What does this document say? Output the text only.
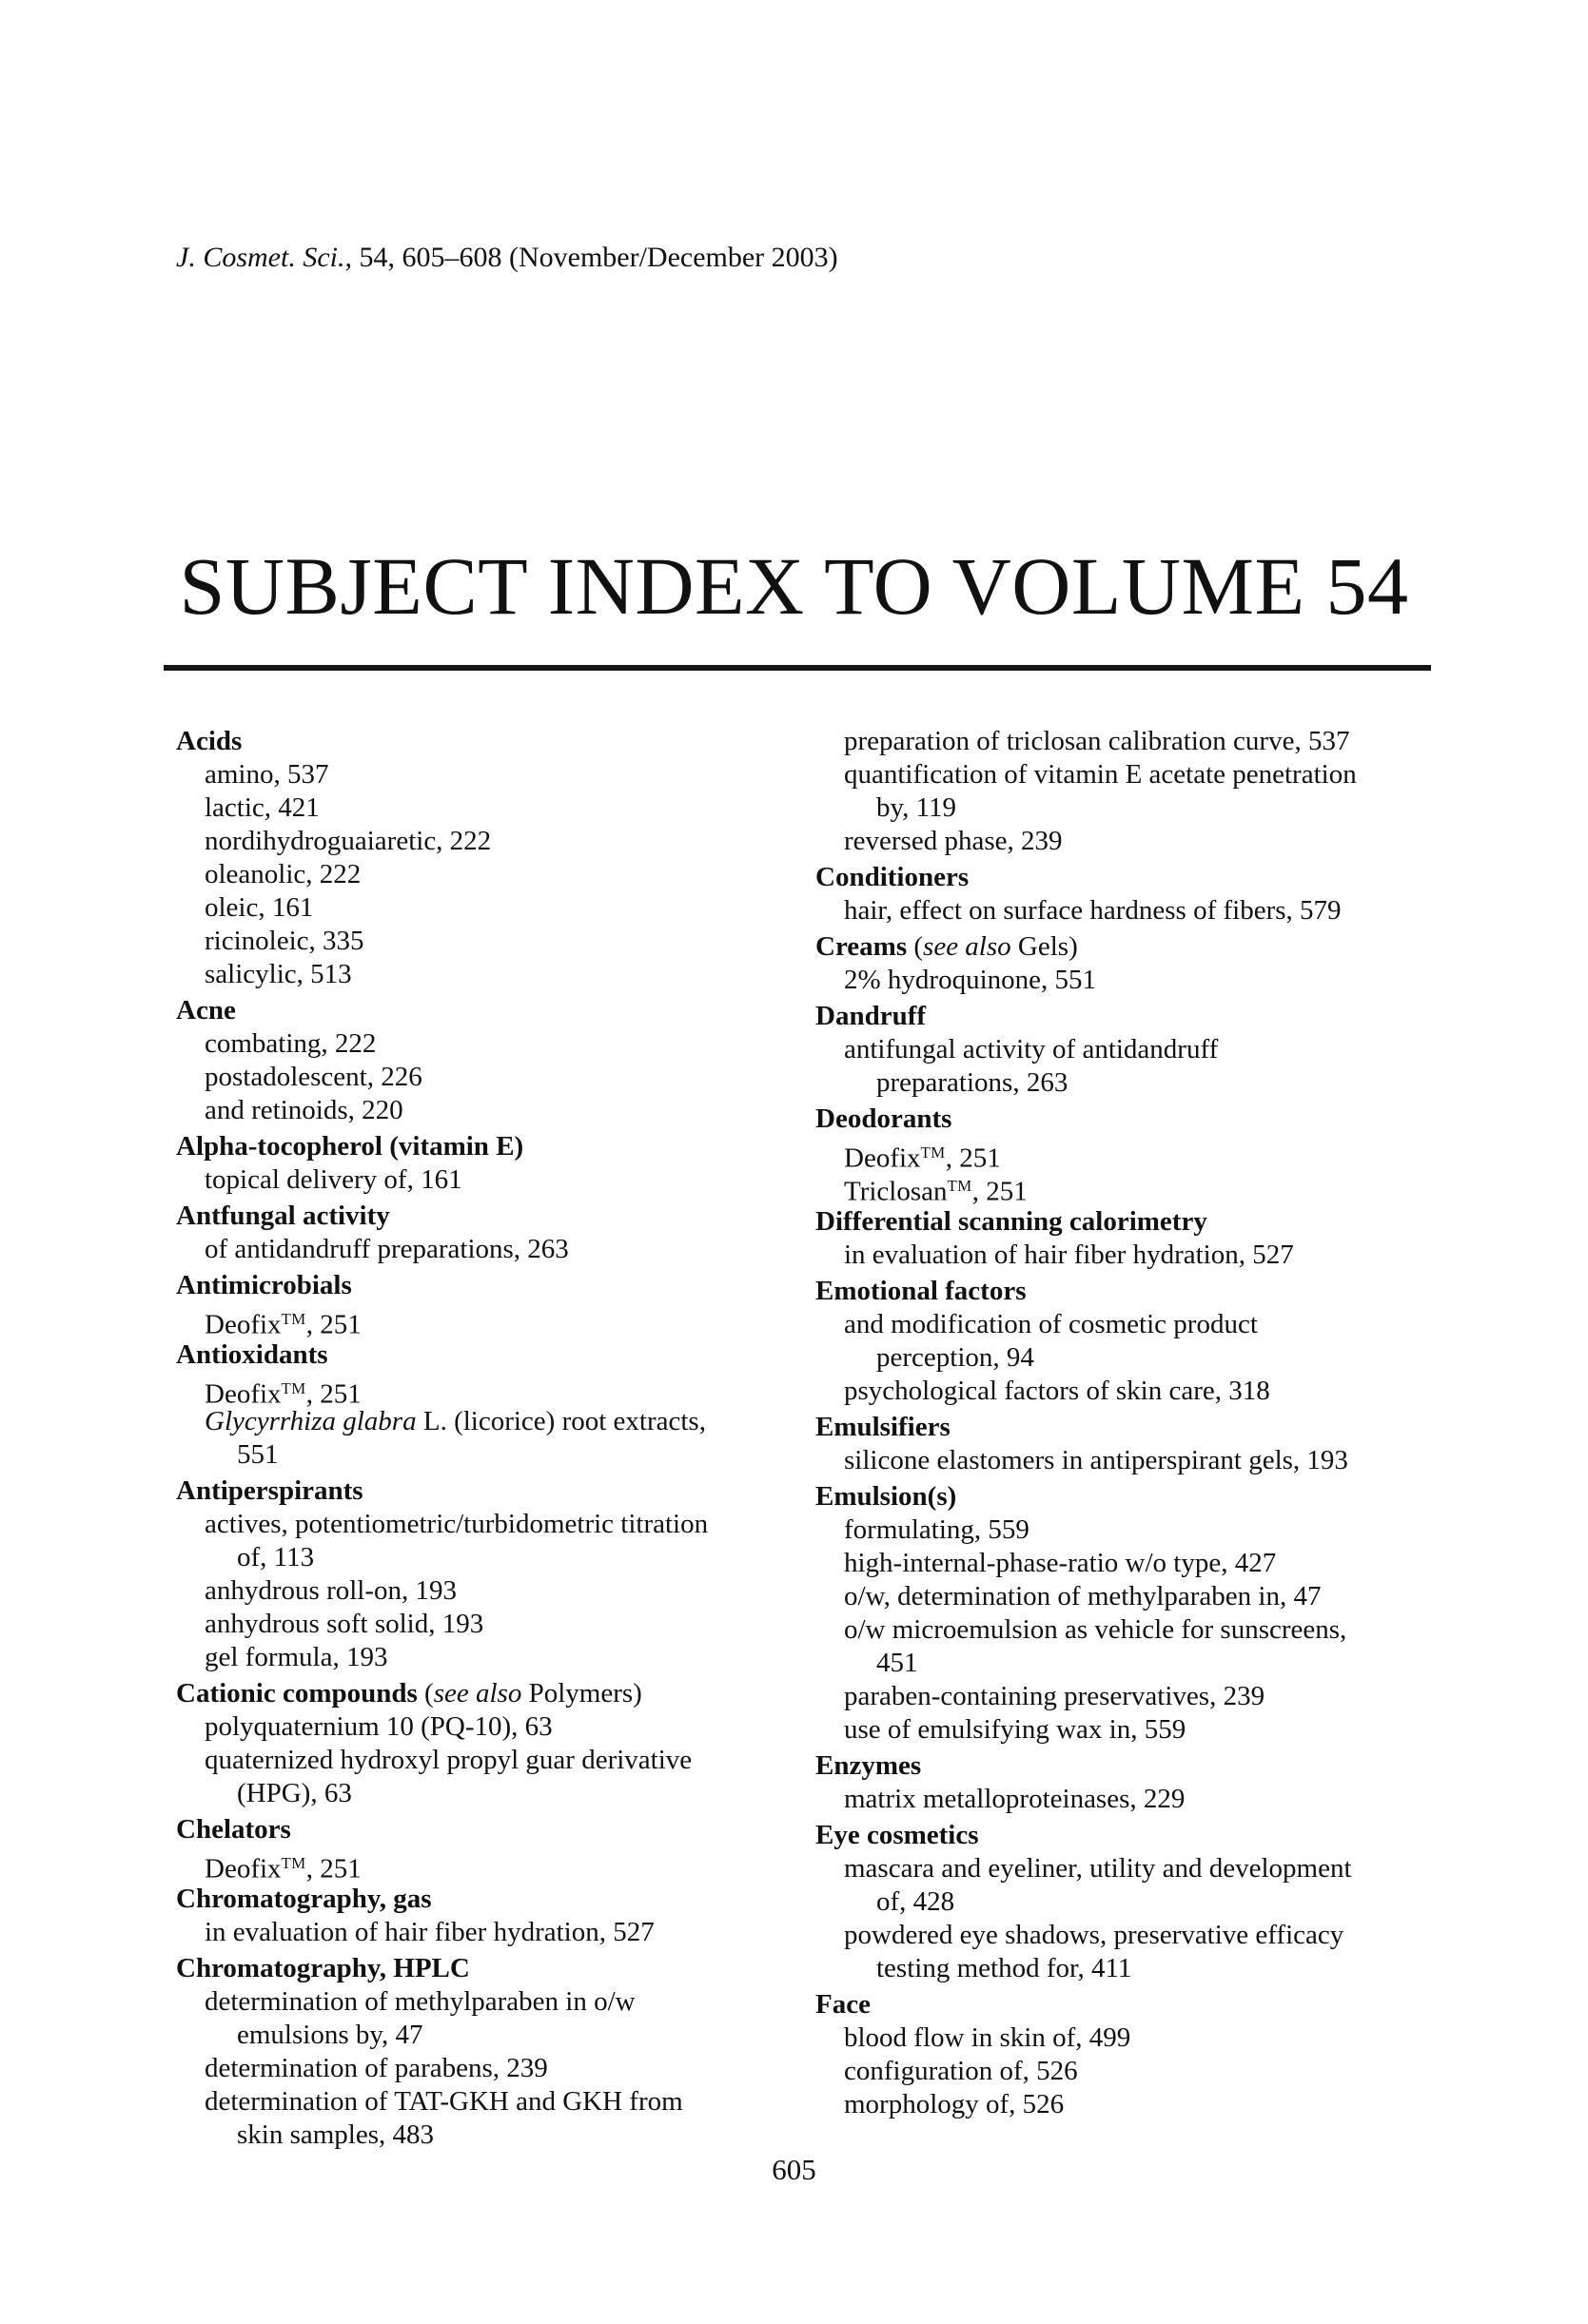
J. Cosmet. Sci., 54, 605–608 (November/December 2003)
SUBJECT INDEX TO VOLUME 54
Acids
amino, 537
lactic, 421
nordihydroguaiaretic, 222
oleanolic, 222
oleic, 161
ricinoleic, 335
salicylic, 513
Acne
combating, 222
postadolescent, 226
and retinoids, 220
Alpha-tocopherol (vitamin E)
topical delivery of, 161
Antfungal activity
of antidandruff preparations, 263
Antimicrobials
Deofix™, 251
Antioxidants
Deofix™, 251
Glycyrrhiza glabra L. (licorice) root extracts,
551
Antiperspirants
actives, potentiometric/turbidometric titration
of, 113
anhydrous roll-on, 193
anhydrous soft solid, 193
gel formula, 193
Cationic compounds (see also Polymers)
polyquaternium 10 (PQ-10), 63
quaternized hydroxyl propyl guar derivative
(HPG), 63
Chelators
Deofix™, 251
Chromatography, gas
in evaluation of hair fiber hydration, 527
Chromatography, HPLC
determination of methylparaben in o/w
emulsions by, 47
determination of parabens, 239
determination of TAT-GKH and GKH from
skin samples, 483
preparation of triclosan calibration curve, 537
quantification of vitamin E acetate penetration
by, 119
reversed phase, 239
Conditioners
hair, effect on surface hardness of fibers, 579
Creams (see also Gels)
2% hydroquinone, 551
Dandruff
antifungal activity of antidandruff
preparations, 263
Deodorants
Deofix™, 251
Triclosan™, 251
Differential scanning calorimetry
in evaluation of hair fiber hydration, 527
Emotional factors
and modification of cosmetic product
perception, 94
psychological factors of skin care, 318
Emulsifiers
silicone elastomers in antiperspirant gels, 193
Emulsion(s)
formulating, 559
high-internal-phase-ratio w/o type, 427
o/w, determination of methylparaben in, 47
o/w microemulsion as vehicle for sunscreens,
451
paraben-containing preservatives, 239
use of emulsifying wax in, 559
Enzymes
matrix metalloproteinases, 229
Eye cosmetics
mascara and eyeliner, utility and development
of, 428
powdered eye shadows, preservative efficacy
testing method for, 411
Face
blood flow in skin of, 499
configuration of, 526
morphology of, 526
605
